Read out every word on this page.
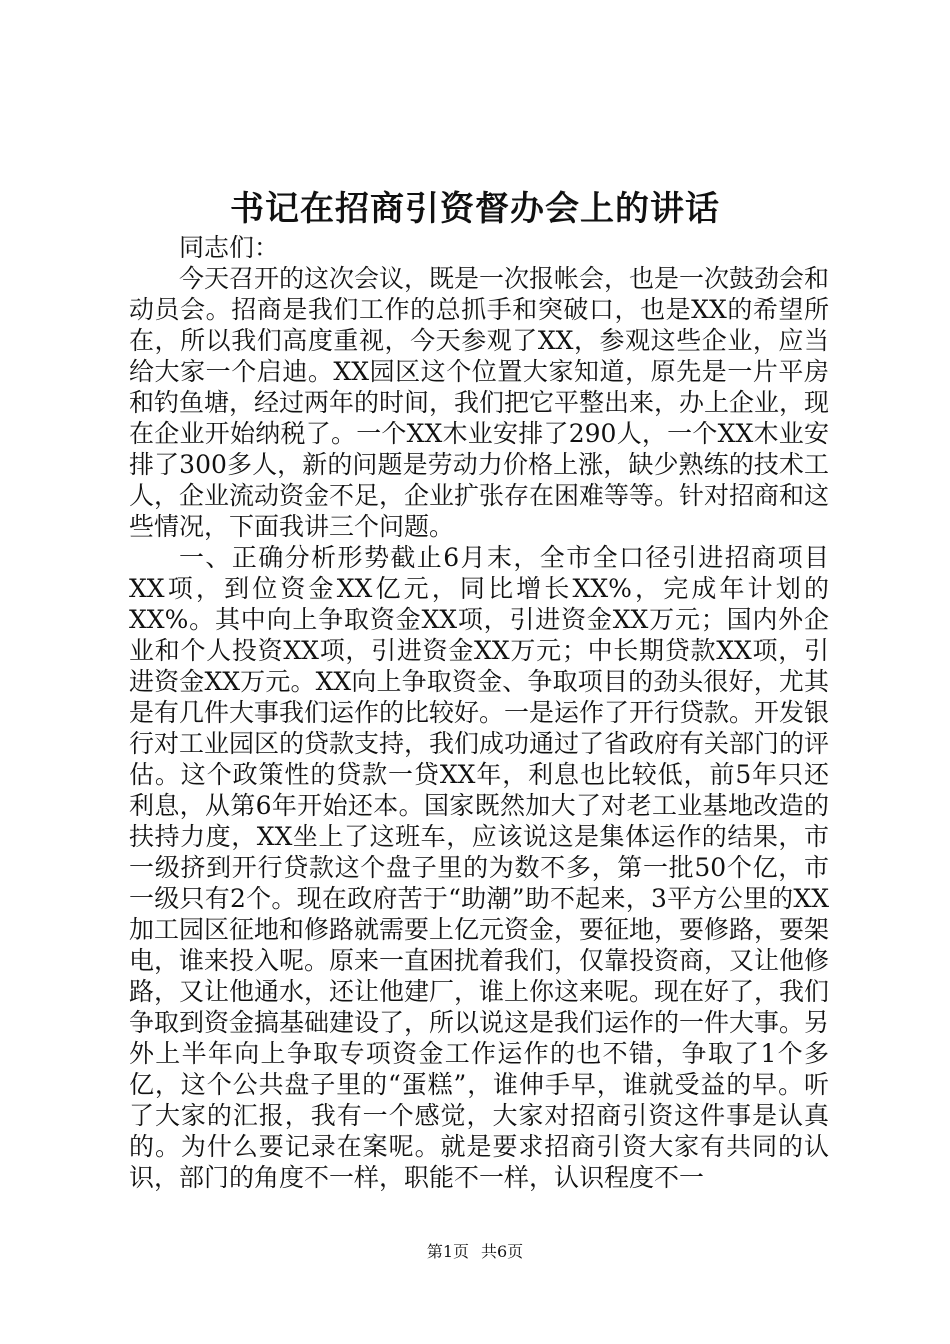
书记在招商引资督办会上的讲话

同志们：

今天召开的这次会议，既是一次报帐会，也是一次鼓劲会和动员会。招商是我们工作的总抓手和突破口，也是XX的希望所在，所以我们高度重视，今天参观了XX，参观这些企业，应当给大家一个启迪。XX园区这个位置大家知道，原先是一片平房和钓鱼塘，经过两年的时间，我们把它平整出来，办上企业，现在企业开始纳税了。一个XX木业安排了290人，一个XX木业安排了300多人，新的问题是劳动力价格上涨，缺少熟练的技术工人，企业流动资金不足，企业扩张存在困难等等。针对招商和这些情况，下面我讲三个问题。

一、正确分析形势截止6月末，全市全口径引进招商项目XX项，到位资金XX亿元，同比增长XX%，完成年计划的XX%。其中向上争取资金XX项，引进资金XX万元；国内外企业和个人投资XX项，引进资金XX万元；中长期贷款XX项，引进资金XX万元。XX向上争取资金、争取项目的劲头很好，尤其是有几件大事我们运作的比较好。一是运作了开行贷款。开发银行对工业园区的贷款支持，我们成功通过了省政府有关部门的评估。这个政策性的贷款一贷XX年，利息也比较低，前5年只还利息，从第6年开始还本。国家既然加大了对老工业基地改造的扶持力度，XX坐上了这班车，应该说这是集体运作的结果，市一级挤到开行贷款这个盘子里的为数不多，第一批50个亿，市一级只有2个。现在政府苦于“助潮”助不起来，3平方公里的XX加工园区征地和修路就需要上亿元资金，要征地，要修路，要架电，谁来投入呢。原来一直困扰着我们，仅靠投资商，又让他修路，又让他通水，还让他建厂，谁上你这来呢。现在好了，我们争取到资金搞基础建设了，所以说这是我们运作的一件大事。另外上半年向上争取专项资金工作运作的也不错，争取了1个多亿，这个公共盘子里的“蛋糕”，谁伸手早，谁就受益的早。听了大家的汇报，我有一个感觉，大家对招商引资这件事是认真的。为什么要记录在案呢。就是要求招商引资大家有共同的认识，部门的角度不一样，职能不一样，认识程度不一

第1页 共6页
